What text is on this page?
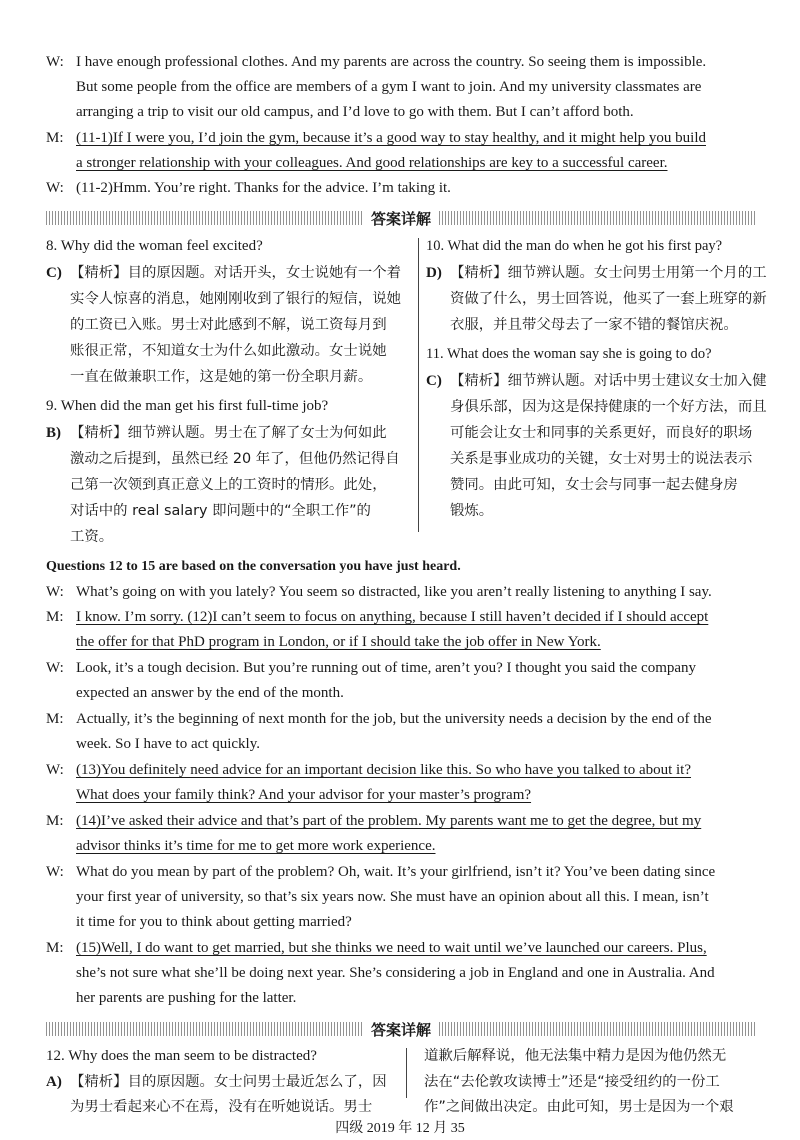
W: I have enough professional clothes. And my parents are across the country. So seeing them is impossible.
But some people from the office are members of a gym I want to join. And my university classmates are
arranging a trip to visit our old campus, and I’d love to go with them. But I can’t afford both.
M: (11-1)If I were you, I’d join the gym, because it’s a good way to stay healthy, and it might help you build
a stronger relationship with your colleagues. And good relationships are key to a successful career.
W: (11-2)Hmm. You’re right. Thanks for the advice. I’m taking it.
答案详解
8. Why did the woman feel excited?
C) 【精析】目的原因题。对话开头，女士说她有一个着
实令人惊喜的消息，她刚刚收到了银行的短信，说她
的工资已入账。男士对此感到不解，说工资每月到
账很正常，不知道女士为什么如此激动。女士说她
一直在做兼职工作，这是她的第一份全职月薪。
9. When did the man get his first full-time job?
B) 【精析】细节辨认题。男士在了解了女士为何如此
激动之后提到，虽然已经 20 年了，但他仍然记得自
己第一次领到真正意义上的工资时的情形。此处，
对话中的 real salary 即问题中的“全职工作”的
工资。
10. What did the man do when he got his first pay?
D) 【精析】细节辨认题。女士问男士用第一个月的工
资做了什么，男士回答说，他买了一套上班穿的新
衣服，并且带父母去了一家不错的餐馆庆祝。
11. What does the woman say she is going to do?
C) 【精析】细节辨认题。对话中男士建议女士加入健
身俱乐部，因为这是保持健康的一个好方法，而且
可能会让女士和同事的关系更好，而良好的职场
关系是事业成功的关键，女士对男士的说法表示
赞同。由此可知，女士会与同事一起去健身房
锻炼。
Questions 12 to 15 are based on the conversation you have just heard.
W: What’s going on with you lately? You seem so distracted, like you aren’t really listening to anything I say.
M: I know. I’m sorry. (12)I can’t seem to focus on anything, because I still haven’t decided if I should accept
the offer for that PhD program in London, or if I should take the job offer in New York.
W: Look, it’s a tough decision. But you’re running out of time, aren’t you? I thought you said the company
expected an answer by the end of the month.
M: Actually, it’s the beginning of next month for the job, but the university needs a decision by the end of the
week. So I have to act quickly.
W: (13)You definitely need advice for an important decision like this. So who have you talked to about it?
What does your family think? And your advisor for your master’s program?
M: (14)I’ve asked their advice and that’s part of the problem. My parents want me to get the degree, but my
advisor thinks it’s time for me to get more work experience.
W: What do you mean by part of the problem? Oh, wait. It’s your girlfriend, isn’t it? You’ve been dating since
your first year of university, so that’s six years now. She must have an opinion about all this. I mean, isn’t
it time for you to think about getting married?
M: (15)Well, I do want to get married, but she thinks we need to wait until we’ve launched our careers. Plus,
she’s not sure what she’ll be doing next year. She’s considering a job in England and one in Australia. And
her parents are pushing for the latter.
答案详解
12. Why does the man seem to be distracted?
A) 【精析】目的原因题。女士问男士最近怎么了，因
道歉后解释说，他无法集中精力是因为他仍然无
法在“去伦敦攻读博士”还是“接受纽约的一份工
四级 2019 年 12 月 35
为男士看起来心不在焉，没有在听她说话。男士	作”之间做出决定。由此可知，男士是因为一个艰
